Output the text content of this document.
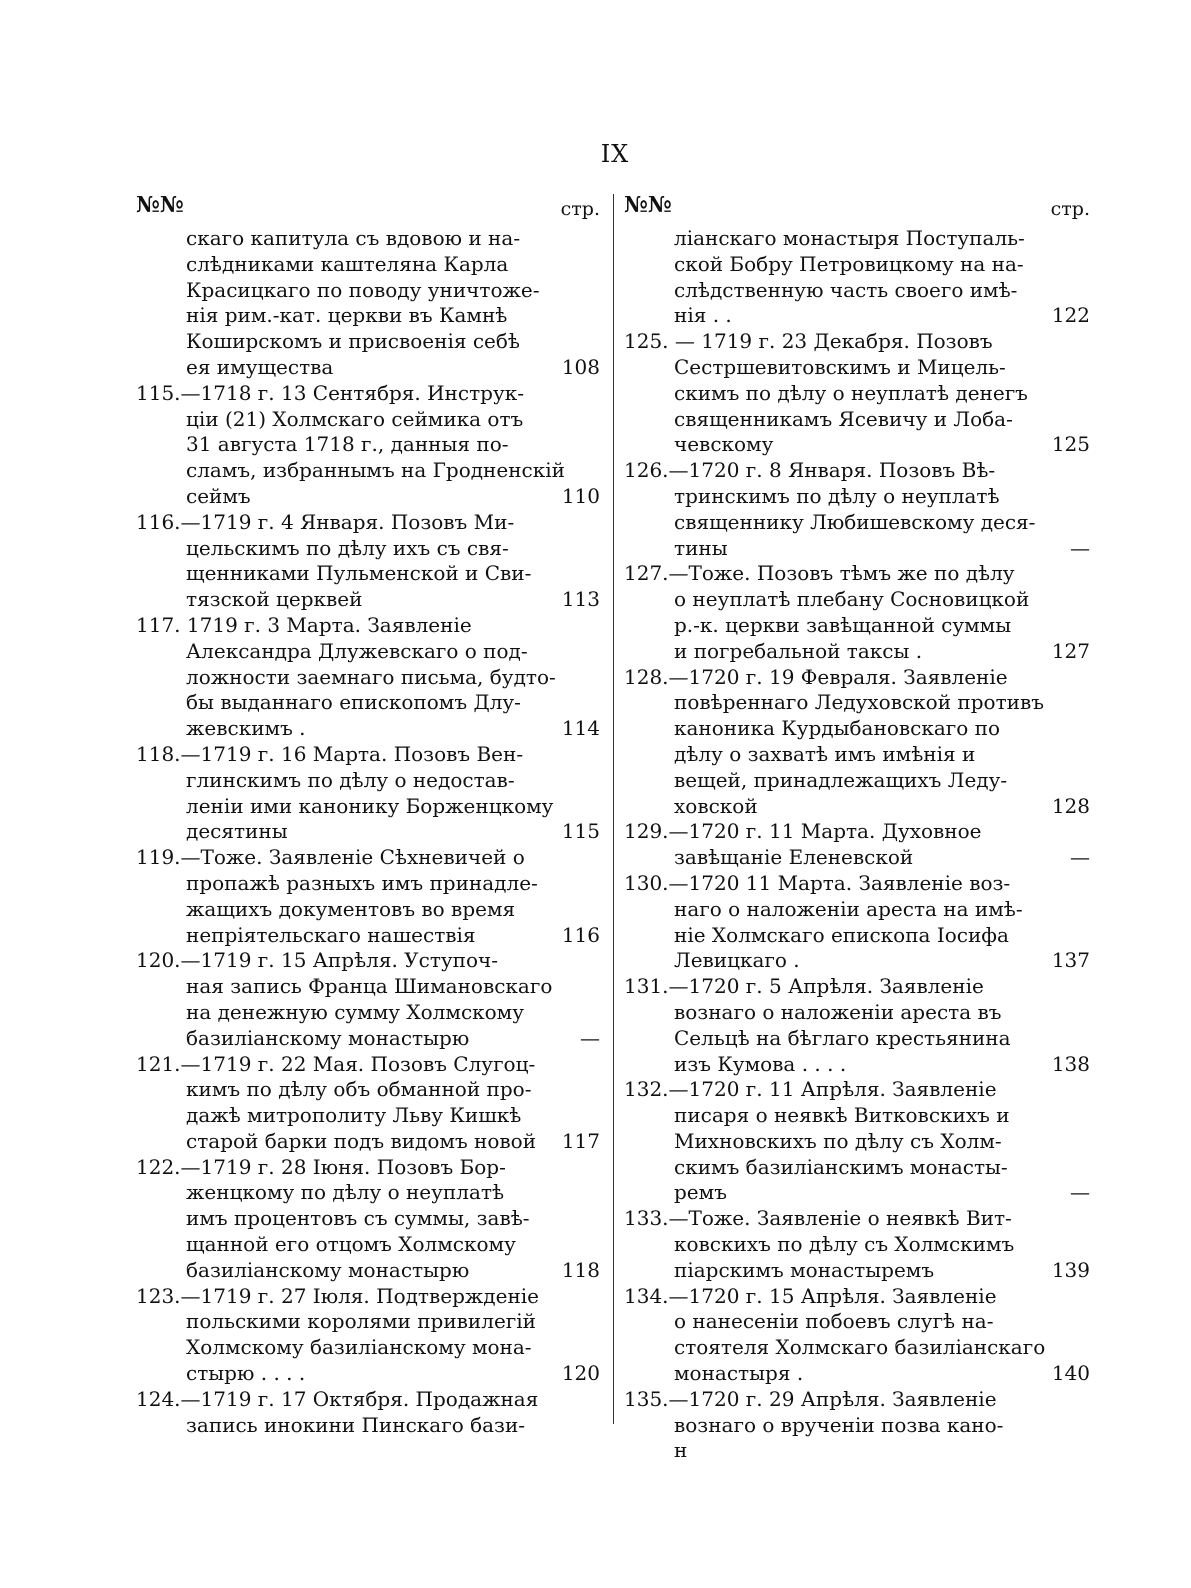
IX
№№	стр.
скаго капитула съ вдовою и на-
слѣдниками каштеляна Карла
Красицкаго по поводу уничтоже-
нія рим.-кат. церкви въ Камнѣ
Коширскомъ и присвоенія себѣ
ея имущества	108
115.—1718 г. 13 Сентября. Инструк-
ціи (21) Холмскаго сеймика отъ
31 августа 1718 г., данныя по-
сламъ, избраннымъ на Гродненскій
сеймъ	110
116.—1719 г. 4 Января. Позовъ Ми-
цельскимъ по дѣлу ихъ съ свя-
щенниками Пульменской и Сви-
тязской церквей	113
117. 1719 г. 3 Марта. Заявленіе
Александра Длужевскаго о под-
ложности заемнаго письма, будто-
бы выданнаго епископомъ Длу-
жевскимъ .	114
118.—1719 г. 16 Марта. Позовъ Вен-
глинскимъ по дѣлу о недостав-
леніи ими канонику Борженцкому
десятины	115
119.—Тоже. Заявленіе Сѣхневичей о
пропажѣ разныхъ имъ принадле-
жащихъ документовъ во время
непріятельскаго нашествія	116
120.—1719 г. 15 Апрѣля. Уступоч-
ная запись Франца Шимановскаго
на денежную сумму Холмскому
базиліанскому монастырю	—
121.—1719 г. 22 Мая. Позовъ Слугоц-
кимъ по дѣлу объ обманной про-
дажѣ митрополиту Льву Кишкѣ
старой барки подъ видомъ новой	117
122.—1719 г. 28 Іюня. Позовъ Бор-
женцкому по дѣлу о неуплатѣ
имъ процентовъ съ суммы, завѣ-
щанной его отцомъ Холмскому
базиліанскому монастырю	118
123.—1719 г. 27 Іюля. Подтвержденіе
польскими королями привилегій
Холмскому базиліанскому мона-
стырю . . . .	120
124.—1719 г. 17 Октября. Продажная
запись инокини Пинскаго бази-
№№	стр.
ліанскаго монастыря Поступаль-
ской Бобру Петровицкому на на-
слѣдственную часть своего имѣ-
нія . .	122
125. — 1719 г. 23 Декабря. Позовъ
Сестршевитовскимъ и Мицель-
скимъ по дѣлу о неуплатѣ денегъ
священникамъ Ясевичу и Лоба-
чевскому	125
126.—1720 г. 8 Января. Позовъ Вѣ-
тринскимъ по дѣлу о неуплатѣ
священнику Любишевскому деся-
тины	—
127.—Тоже. Позовъ тѣмъ же по дѣлу
о неуплатѣ плебану Сосновицкой
р.-к. церкви завѣщанной суммы
и погребальной таксы .	127
128.—1720 г. 19 Февраля. Заявленіе
повѣреннаго Ледуховской противъ
каноника Курдыбановскаго по
дѣлу о захватѣ имъ имѣнія и
вещей, принадлежащихъ Леду-
ховской	128
129.—1720 г. 11 Марта. Духовное
завѣщаніе Еленевской	—
130.—1720 11 Марта. Заявленіе воз-
наго о наложеніи ареста на имѣ-
ніе Холмскаго епископа Іосифа
Левицкаго .	137
131.—1720 г. 5 Апрѣля. Заявленіе
вознаго о наложеніи ареста въ
Сельцѣ на бѣглаго крестьянина
изъ Кумова . . . .	138
132.—1720 г. 11 Апрѣля. Заявленіе
писаря о неявкѣ Витковскихъ и
Михновскихъ по дѣлу съ Холм-
скимъ базиліанскимъ монасты-
ремъ	—
133.—Тоже. Заявленіе о неявкѣ Вит-
ковскихъ по дѣлу съ Холмскимъ
піарскимъ монастыремъ	139
134.—1720 г. 15 Апрѣля. Заявленіе
о нанесеніи побоевъ слугѣ на-
стоятеля Холмскаго базиліанскаго
монастыря .	140
135.—1720 г. 29 Апрѣля. Заявленіе
вознаго о врученіи позва кано-
н
